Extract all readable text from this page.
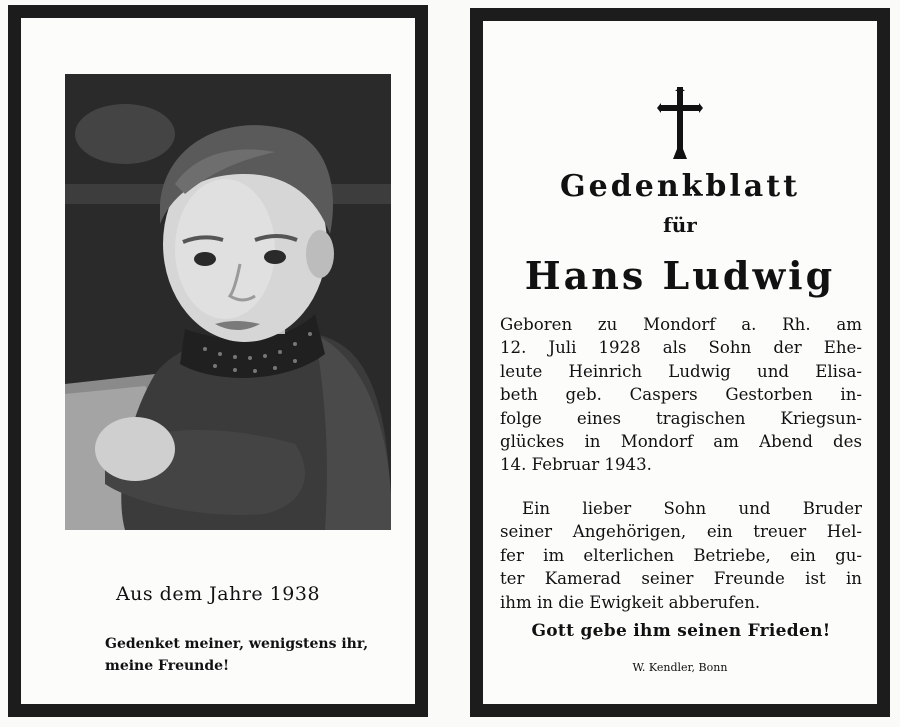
Aus dem Jahre 1938
Gedenket meiner, wenigstens ihr,
meine Freunde!
Gedenkblatt
für
Hans Ludwig
Geboren zu Mondorf a. Rh. am
12. Juli 1928 als Sohn der Ehe-
leute Heinrich Ludwig und Elisa-
beth geb. Caspers Gestorben in-
folge eines tragischen Kriegsun-
glückes in Mondorf am Abend des
14. Februar 1943.
Ein lieber Sohn und Bruder
seiner Angehörigen, ein treuer Hel-
fer im elterlichen Betriebe, ein gu-
ter Kamerad seiner Freunde ist in
ihm in die Ewigkeit abberufen.
Gott gebe ihm seinen Frieden!
W. Kendler, Bonn
